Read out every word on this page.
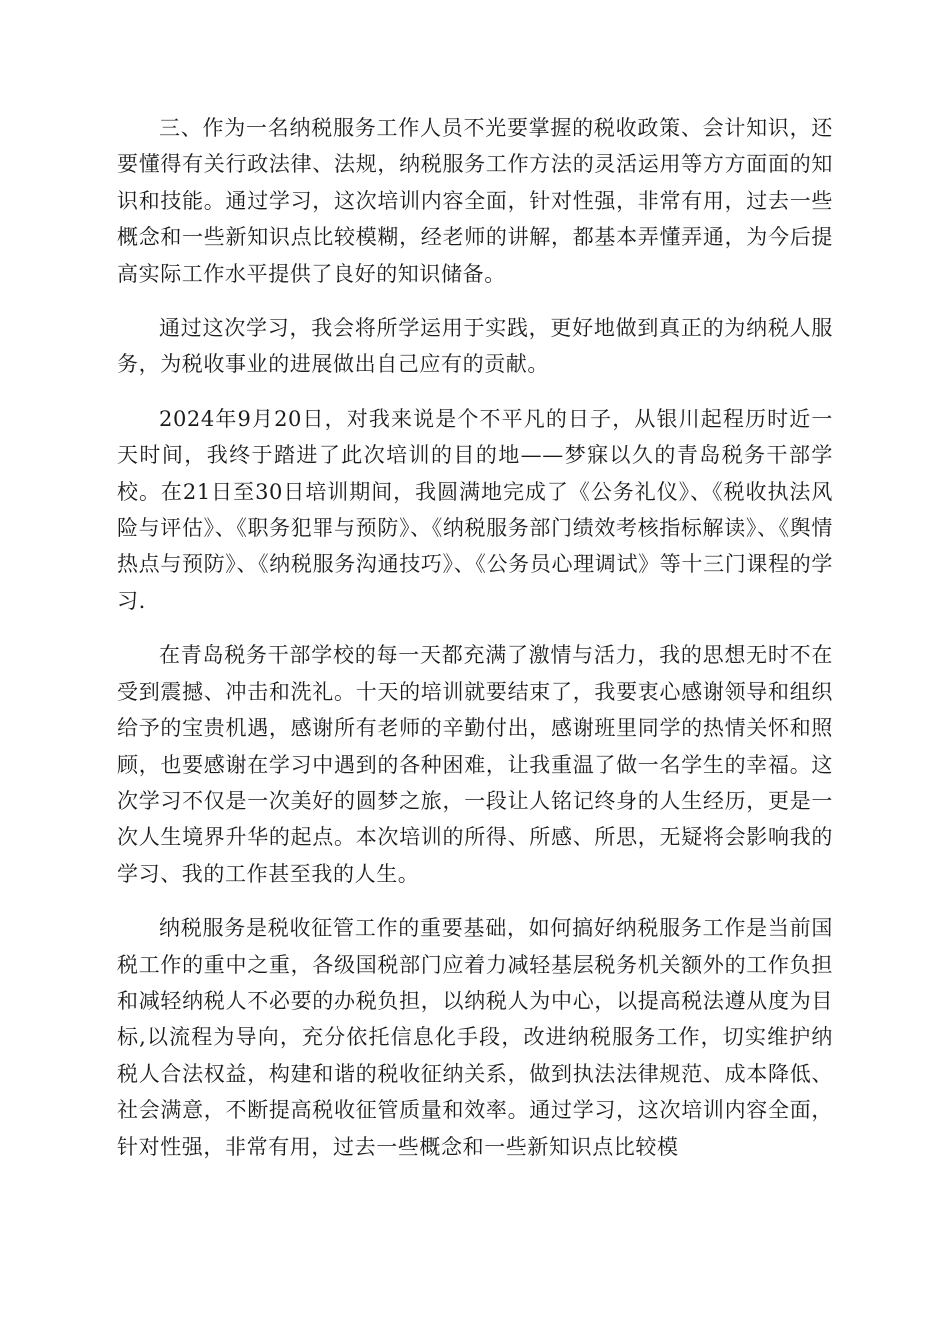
三、作为一名纳税服务工作人员不光要掌握的税收政策、会计知识，还要懂得有关行政法律、法规，纳税服务工作方法的灵活运用等方方面面的知识和技能。通过学习，这次培训内容全面，针对性强，非常有用，过去一些概念和一些新知识点比较模糊，经老师的讲解，都基本弄懂弄通，为今后提高实际工作水平提供了良好的知识储备。

通过这次学习，我会将所学运用于实践，更好地做到真正的为纳税人服务，为税收事业的进展做出自己应有的贡献。

2024年9月20日，对我来说是个不平凡的日子，从银川起程历时近一天时间，我终于踏进了此次培训的目的地——梦寐以久的青岛税务干部学校。在21日至30日培训期间，我圆满地完成了《公务礼仪》、《税收执法风险与评估》、《职务犯罪与预防》、《纳税服务部门绩效考核指标解读》、《舆情热点与预防》、《纳税服务沟通技巧》、《公务员心理调试》等十三门课程的学习.

在青岛税务干部学校的每一天都充满了激情与活力，我的思想无时不在受到震撼、冲击和洗礼。十天的培训就要结束了，我要衷心感谢领导和组织给予的宝贵机遇，感谢所有老师的辛勤付出，感谢班里同学的热情关怀和照顾，也要感谢在学习中遇到的各种困难，让我重温了做一名学生的幸福。这次学习不仅是一次美好的圆梦之旅，一段让人铭记终身的人生经历，更是一次人生境界升华的起点。本次培训的所得、所感、所思，无疑将会影响我的学习、我的工作甚至我的人生。

纳税服务是税收征管工作的重要基础，如何搞好纳税服务工作是当前国税工作的重中之重，各级国税部门应着力减轻基层税务机关额外的工作负担和减轻纳税人不必要的办税负担，以纳税人为中心，以提高税法遵从度为目标,以流程为导向，充分依托信息化手段，改进纳税服务工作，切实维护纳税人合法权益，构建和谐的税收征纳关系，做到执法法律规范、成本降低、社会满意，不断提高税收征管质量和效率。通过学习，这次培训内容全面，针对性强，非常有用，过去一些概念和一些新知识点比较模
